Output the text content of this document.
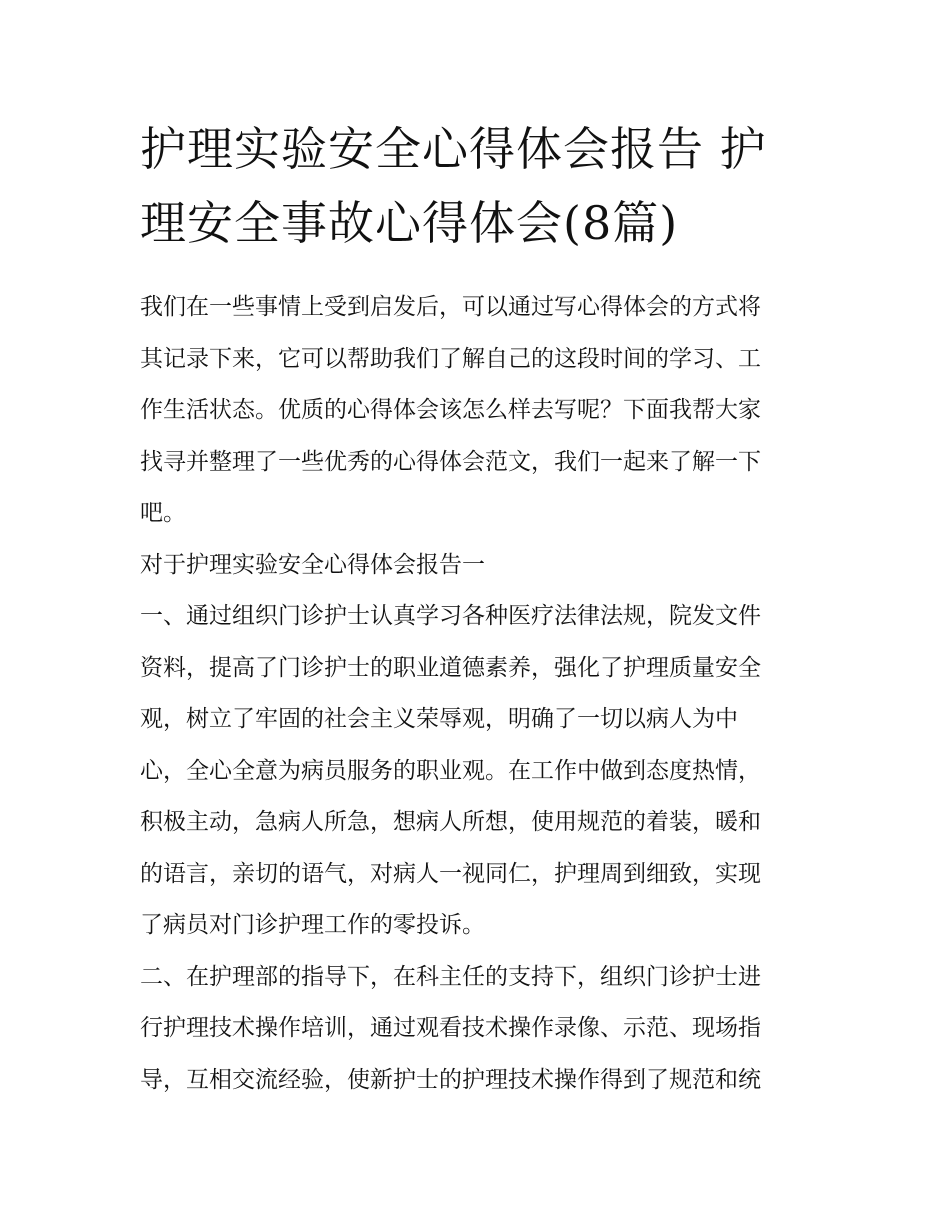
护理实验安全心得体会报告 护
理安全事故心得体会(8篇)

我们在一些事情上受到启发后，可以通过写心得体会的方式将
其记录下来，它可以帮助我们了解自己的这段时间的学习、工
作生活状态。优质的心得体会该怎么样去写呢？下面我帮大家
找寻并整理了一些优秀的心得体会范文，我们一起来了解一下
吧。

对于护理实验安全心得体会报告一

一、通过组织门诊护士认真学习各种医疗法律法规，院发文件
资料，提高了门诊护士的职业道德素养，强化了护理质量安全
观，树立了牢固的社会主义荣辱观，明确了一切以病人为中
心，全心全意为病员服务的职业观。在工作中做到态度热情，
积极主动，急病人所急，想病人所想，使用规范的着装，暖和
的语言，亲切的语气，对病人一视同仁，护理周到细致，实现
了病员对门诊护理工作的零投诉。

二、在护理部的指导下，在科主任的支持下，组织门诊护士进
行护理技术操作培训，通过观看技术操作录像、示范、现场指
导，互相交流经验，使新护士的护理技术操作得到了规范和统
